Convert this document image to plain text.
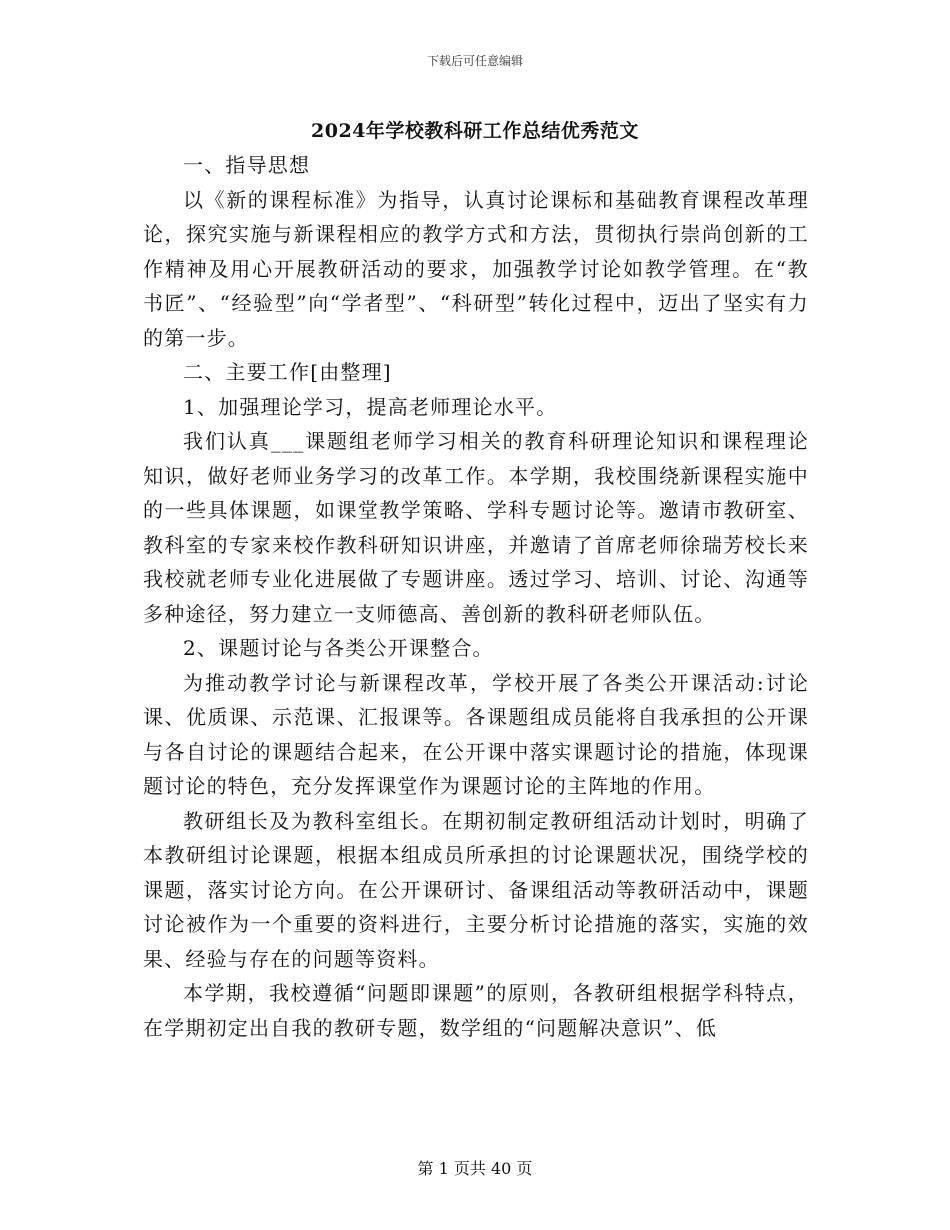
下载后可任意编辑
2024年学校教科研工作总结优秀范文

一、指导思想

以《新的课程标准》为指导，认真讨论课标和基础教育课程改革理论，探究实施与新课程相应的教学方式和方法，贯彻执行崇尚创新的工作精神及用心开展教研活动的要求，加强教学讨论如教学管理。在“教书匠”、“经验型”向“学者型”、“科研型”转化过程中，迈出了坚实有力的第一步。

二、主要工作[由整理]

1、加强理论学习，提高老师理论水平。

我们认真___课题组老师学习相关的教育科研理论知识和课程理论知识，做好老师业务学习的改革工作。本学期，我校围绕新课程实施中的一些具体课题，如课堂教学策略、学科专题讨论等。邀请市教研室、教科室的专家来校作教科研知识讲座，并邀请了首席老师徐瑞芳校长来我校就老师专业化进展做了专题讲座。透过学习、培训、讨论、沟通等多种途径，努力建立一支师德高、善创新的教科研老师队伍。

2、课题讨论与各类公开课整合。

为推动教学讨论与新课程改革，学校开展了各类公开课活动:讨论课、优质课、示范课、汇报课等。各课题组成员能将自我承担的公开课与各自讨论的课题结合起来，在公开课中落实课题讨论的措施，体现课题讨论的特色，充分发挥课堂作为课题讨论的主阵地的作用。

教研组长及为教科室组长。在期初制定教研组活动计划时，明确了本教研组讨论课题，根据本组成员所承担的讨论课题状况，围绕学校的课题，落实讨论方向。在公开课研讨、备课组活动等教研活动中，课题讨论被作为一个重要的资料进行，主要分析讨论措施的落实，实施的效果、经验与存在的问题等资料。

本学期，我校遵循“问题即课题”的原则，各教研组根据学科特点，在学期初定出自我的教研专题，数学组的“问题解决意识”、低

第 1 页共 40 页
